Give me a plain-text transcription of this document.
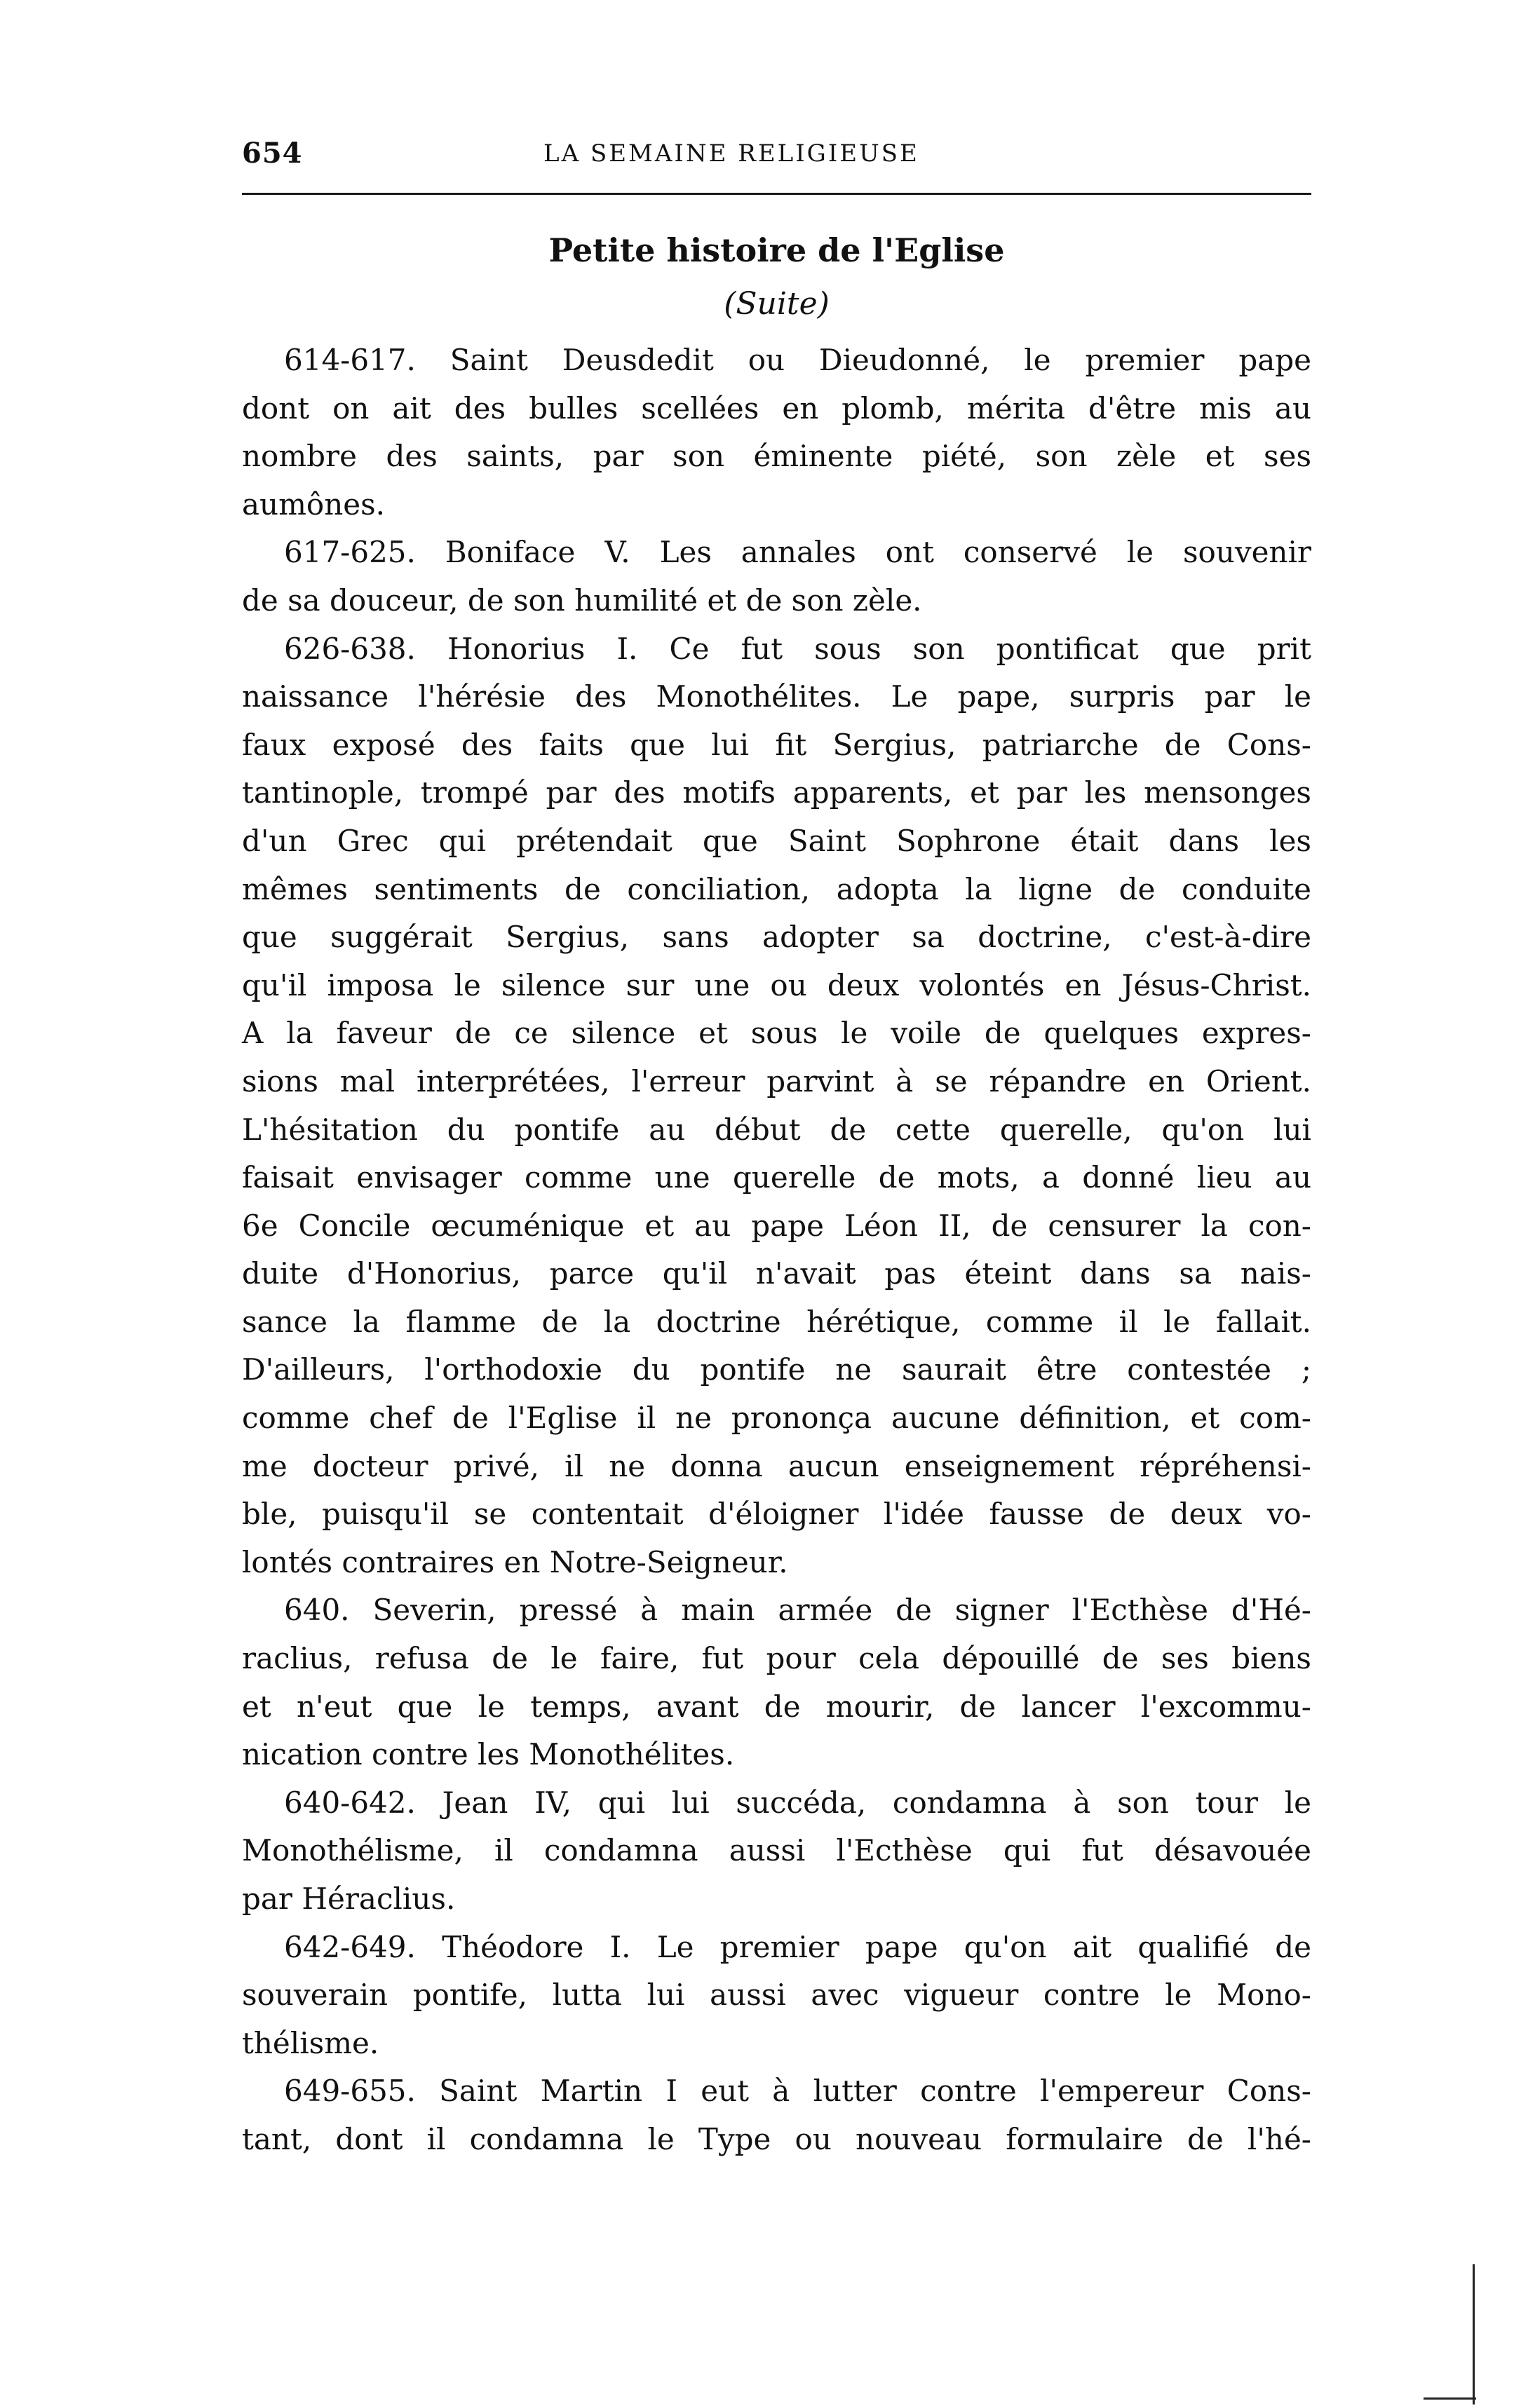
654	LA SEMAINE RELIGIEUSE
Petite histoire de l'Eglise
(Suite)
614-617. Saint Deusdedit ou Dieudonné, le premier pape
dont on ait des bulles scellées en plomb, mérita d'être mis au
nombre des saints, par son éminente piété, son zèle et ses
aumônes.
617-625. Boniface V. Les annales ont conservé le souvenir
de sa douceur, de son humilité et de son zèle.
626-638. Honorius I. Ce fut sous son pontificat que prit
naissance l'hérésie des Monothélites. Le pape, surpris par le
faux exposé des faits que lui fit Sergius, patriarche de Cons-
tantinople, trompé par des motifs apparents, et par les mensonges
d'un Grec qui prétendait que Saint Sophrone était dans les
mêmes sentiments de conciliation, adopta la ligne de conduite
que suggérait Sergius, sans adopter sa doctrine, c'est-à-dire
qu'il imposa le silence sur une ou deux volontés en Jésus-Christ.
A la faveur de ce silence et sous le voile de quelques expres-
sions mal interprétées, l'erreur parvint à se répandre en Orient.
L'hésitation du pontife au début de cette querelle, qu'on lui
faisait envisager comme une querelle de mots, a donné lieu au
6e Concile œcuménique et au pape Léon II, de censurer la con-
duite d'Honorius, parce qu'il n'avait pas éteint dans sa nais-
sance la flamme de la doctrine hérétique, comme il le fallait.
D'ailleurs, l'orthodoxie du pontife ne saurait être contestée ;
comme chef de l'Eglise il ne prononça aucune définition, et com-
me docteur privé, il ne donna aucun enseignement répréhensi-
ble, puisqu'il se contentait d'éloigner l'idée fausse de deux vo-
lontés contraires en Notre-Seigneur.
640. Severin, pressé à main armée de signer l'Ecthèse d'Hé-
raclius, refusa de le faire, fut pour cela dépouillé de ses biens
et n'eut que le temps, avant de mourir, de lancer l'excommu-
nication contre les Monothélites.
640-642. Jean IV, qui lui succéda, condamna à son tour le
Monothélisme, il condamna aussi l'Ecthèse qui fut désavouée
par Héraclius.
642-649. Théodore I. Le premier pape qu'on ait qualifié de
souverain pontife, lutta lui aussi avec vigueur contre le Mono-
thélisme.
649-655. Saint Martin I eut à lutter contre l'empereur Cons-
tant, dont il condamna le Type ou nouveau formulaire de l'hé-
